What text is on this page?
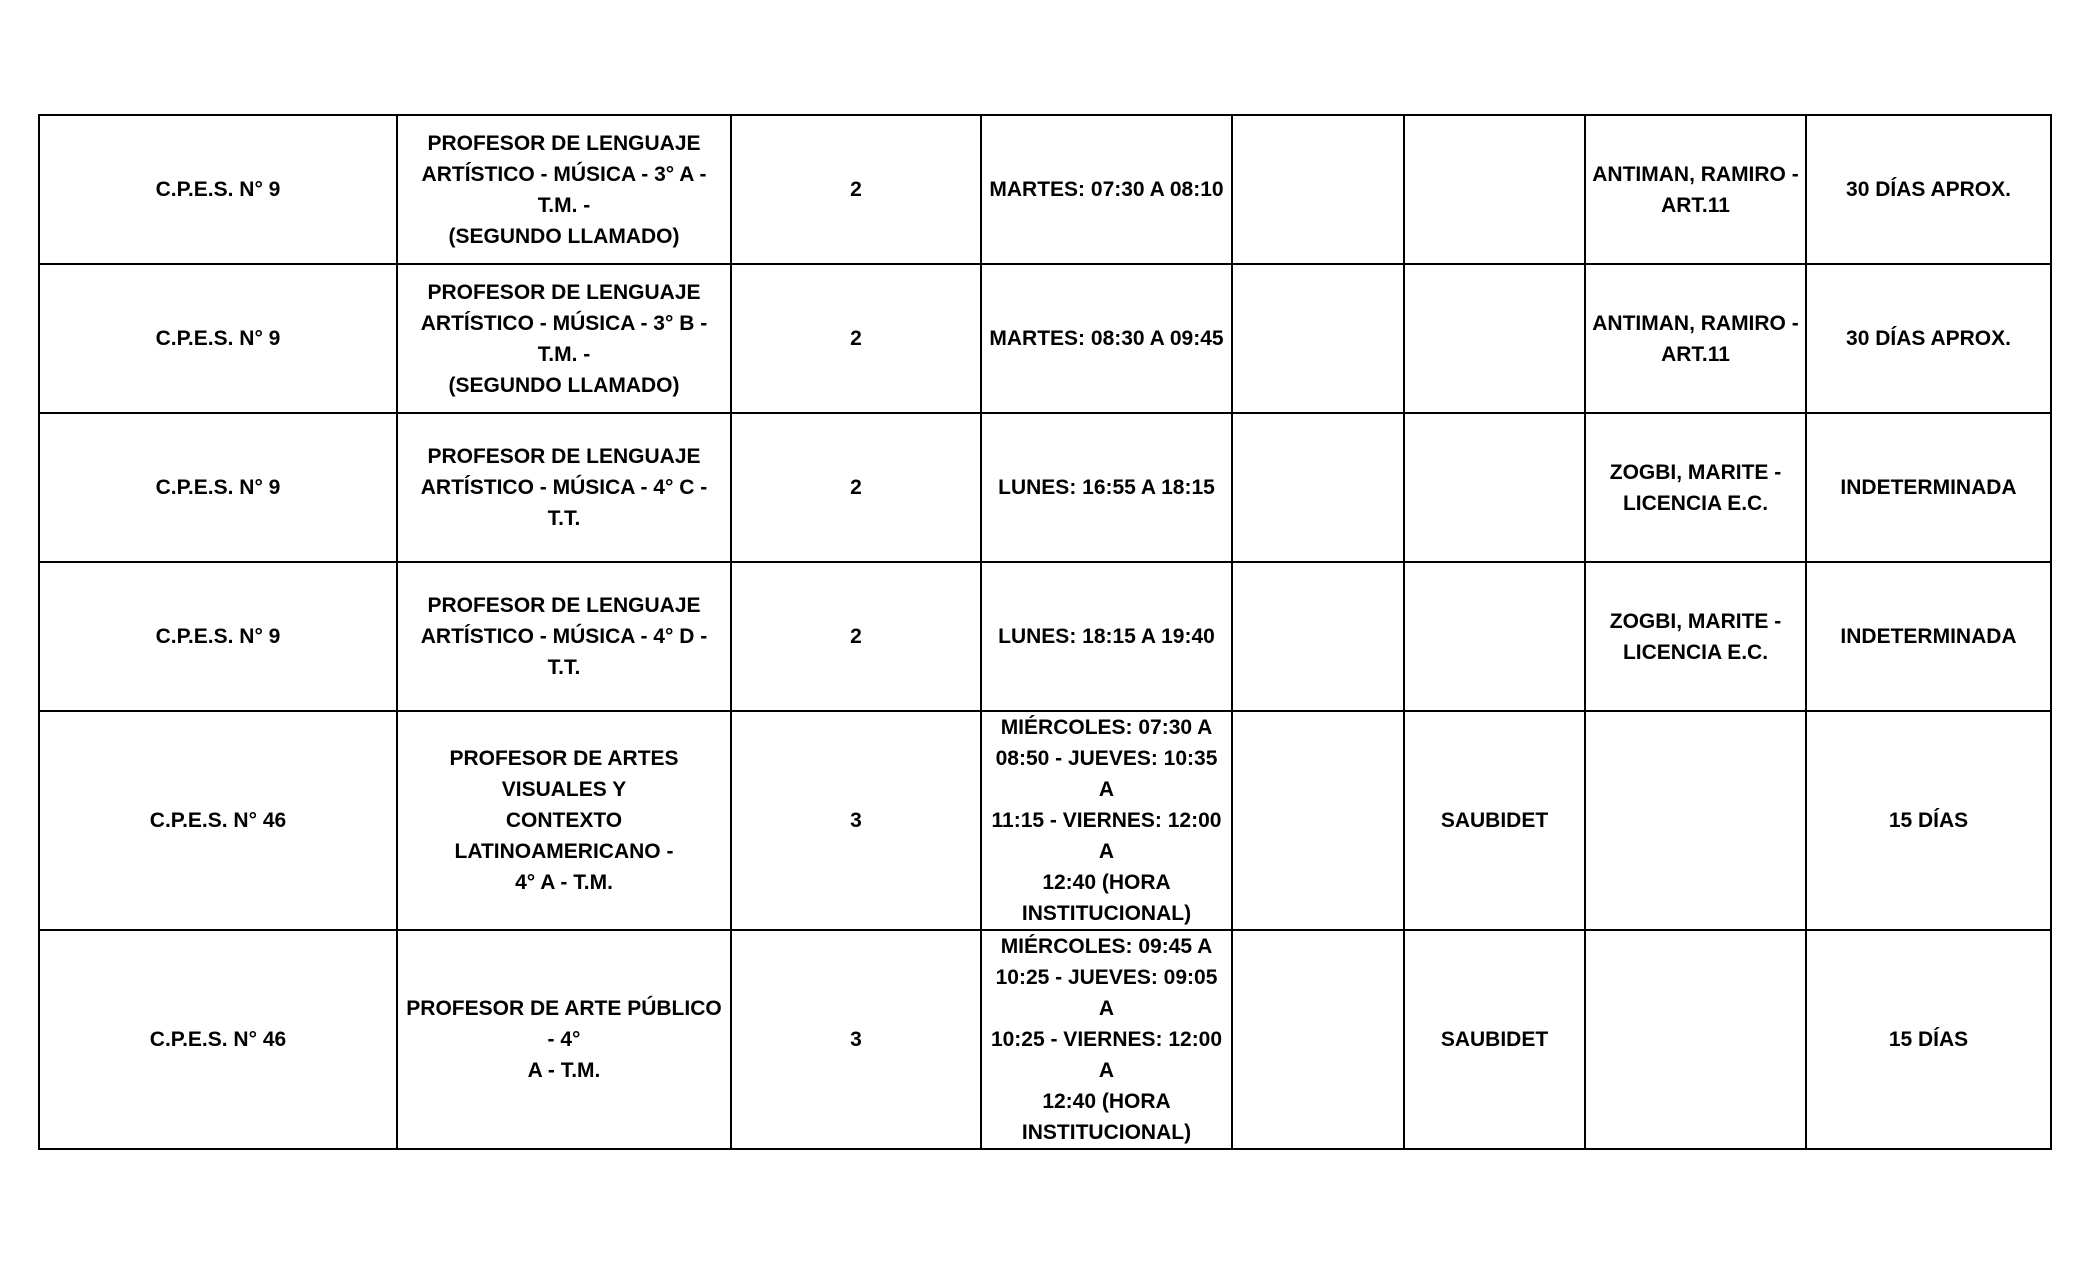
C.P.E.S. N° 9	PROFESOR DE LENGUAJE
ARTÍSTICO - MÚSICA - 3° A - T.M. -
(SEGUNDO LLAMADO)	2	MARTES: 07:30 A 08:10			ANTIMAN, RAMIRO -
ART.11	30 DÍAS APROX.
C.P.E.S. N° 9	PROFESOR DE LENGUAJE
ARTÍSTICO - MÚSICA - 3° B - T.M. -
(SEGUNDO LLAMADO)	2	MARTES: 08:30 A 09:45			ANTIMAN, RAMIRO -
ART.11	30 DÍAS APROX.
C.P.E.S. N° 9	PROFESOR DE LENGUAJE
ARTÍSTICO - MÚSICA - 4° C - T.T.	2	LUNES: 16:55 A 18:15			ZOGBI, MARITE -
LICENCIA E.C.	INDETERMINADA
C.P.E.S. N° 9	PROFESOR DE LENGUAJE
ARTÍSTICO - MÚSICA - 4° D - T.T.	2	LUNES: 18:15 A 19:40			ZOGBI, MARITE -
LICENCIA E.C.	INDETERMINADA
C.P.E.S. N° 46	PROFESOR DE ARTES VISUALES Y
CONTEXTO LATINOAMERICANO -
4° A - T.M.	3	MIÉRCOLES: 07:30 A
08:50 - JUEVES: 10:35 A
11:15 - VIERNES: 12:00 A
12:40 (HORA
INSTITUCIONAL)		SAUBIDET		15 DÍAS
C.P.E.S. N° 46	PROFESOR DE ARTE PÚBLICO - 4°
A - T.M.	3	MIÉRCOLES: 09:45 A
10:25 - JUEVES: 09:05 A
10:25 - VIERNES: 12:00 A
12:40 (HORA
INSTITUCIONAL)		SAUBIDET		15 DÍAS
